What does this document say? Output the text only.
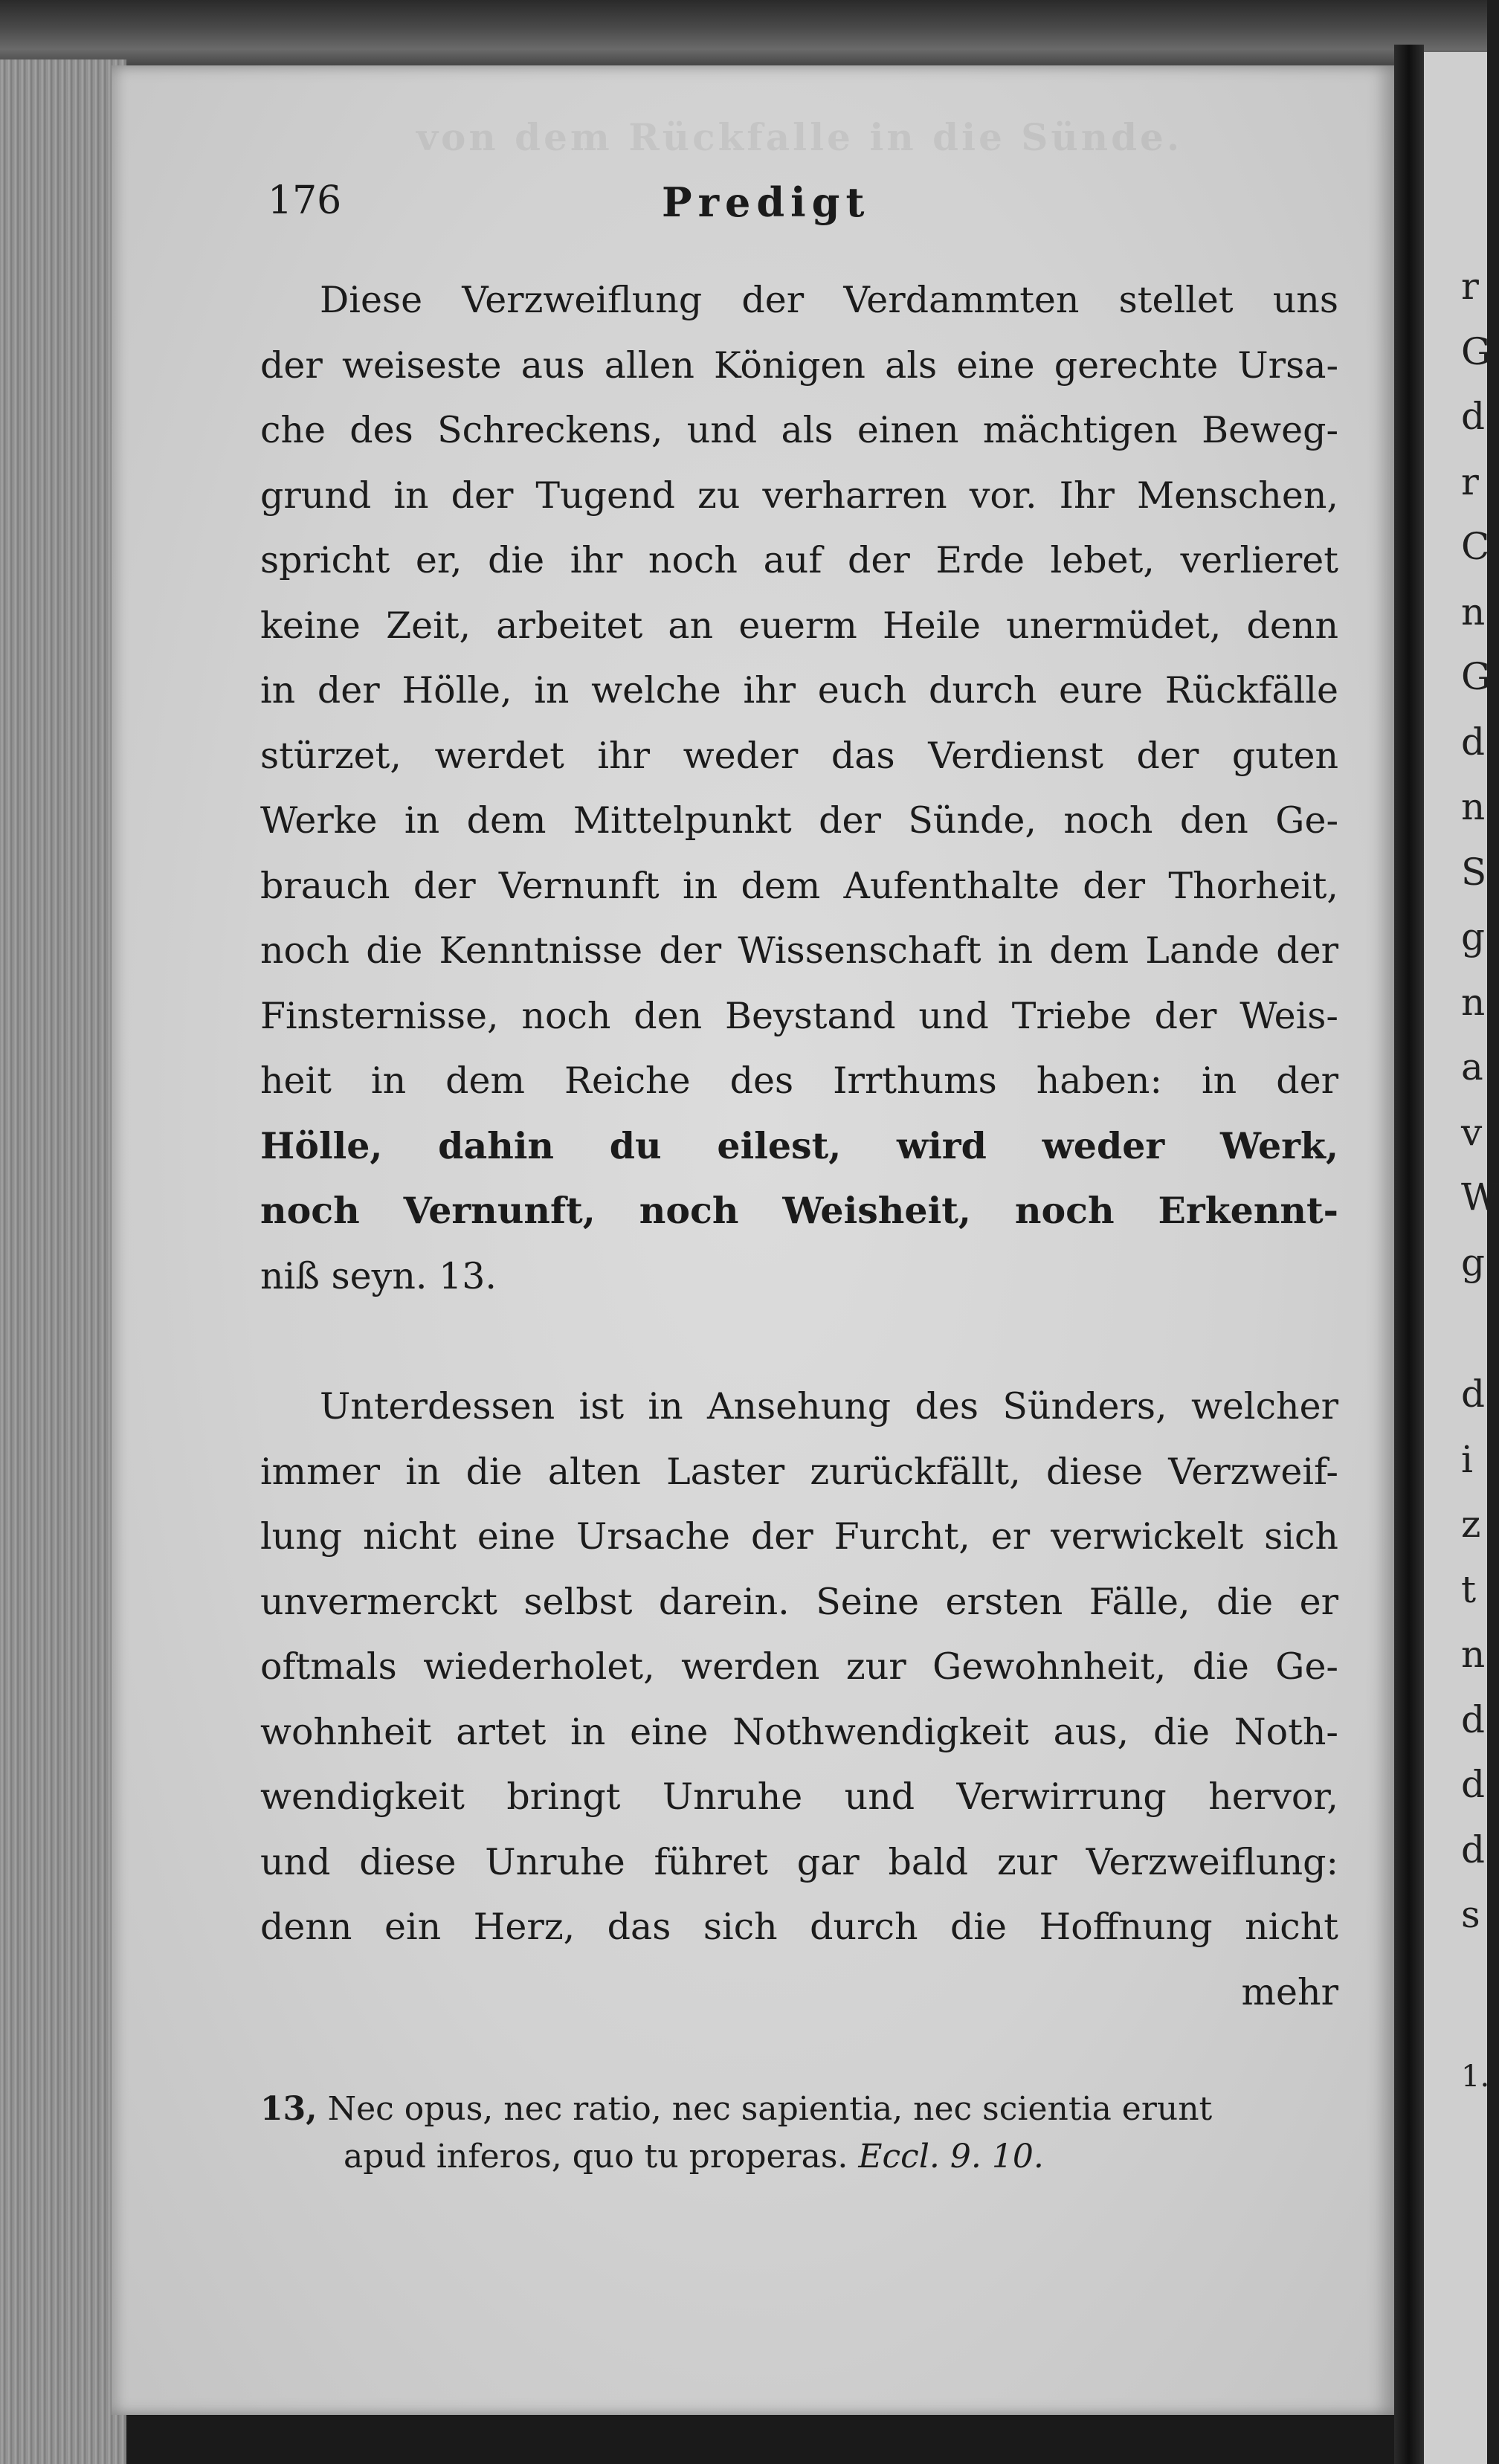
von dem Rückfalle in die Sünde.
176	Predigt
Diese Verzweiflung der Verdammten stellet uns
der weiseste aus allen Königen als eine gerechte Ursa-
che des Schreckens, und als einen mächtigen Beweg-
grund in der Tugend zu verharren vor. Ihr Menschen,
spricht er, die ihr noch auf der Erde lebet, verlieret
keine Zeit, arbeitet an euerm Heile unermüdet, denn
in der Hölle, in welche ihr euch durch eure Rückfälle
stürzet, werdet ihr weder das Verdienst der guten
Werke in dem Mittelpunkt der Sünde, noch den Ge-
brauch der Vernunft in dem Aufenthalte der Thorheit,
noch die Kenntnisse der Wissenschaft in dem Lande der
Finsternisse, noch den Beystand und Triebe der Weis-
heit in dem Reiche des Irrthums haben: in der
Hölle, dahin du eilest, wird weder Werk,
noch Vernunft, noch Weisheit, noch Erkennt-
niß seyn. 13.
Unterdessen ist in Ansehung des Sünders, welcher
immer in die alten Laster zurückfällt, diese Verzweif-
lung nicht eine Ursache der Furcht, er verwickelt sich
unvermerckt selbst darein. Seine ersten Fälle, die er
oftmals wiederholet, werden zur Gewohnheit, die Ge-
wohnheit artet in eine Nothwendigkeit aus, die Noth-
wendigkeit bringt Unruhe und Verwirrung hervor,
und diese Unruhe führet gar bald zur Verzweiflung:
denn ein Herz, das sich durch die Hoffnung nicht
mehr
13, Nec opus, nec ratio, nec sapientia, nec scientia erunt
apud inferos, quo tu properas. Eccl. 9. 10.
1.
r
G
d
r
C
n
G
d
n
S
g
n
a
v
W
g
d
i
z
t
n
d
d
d
s
